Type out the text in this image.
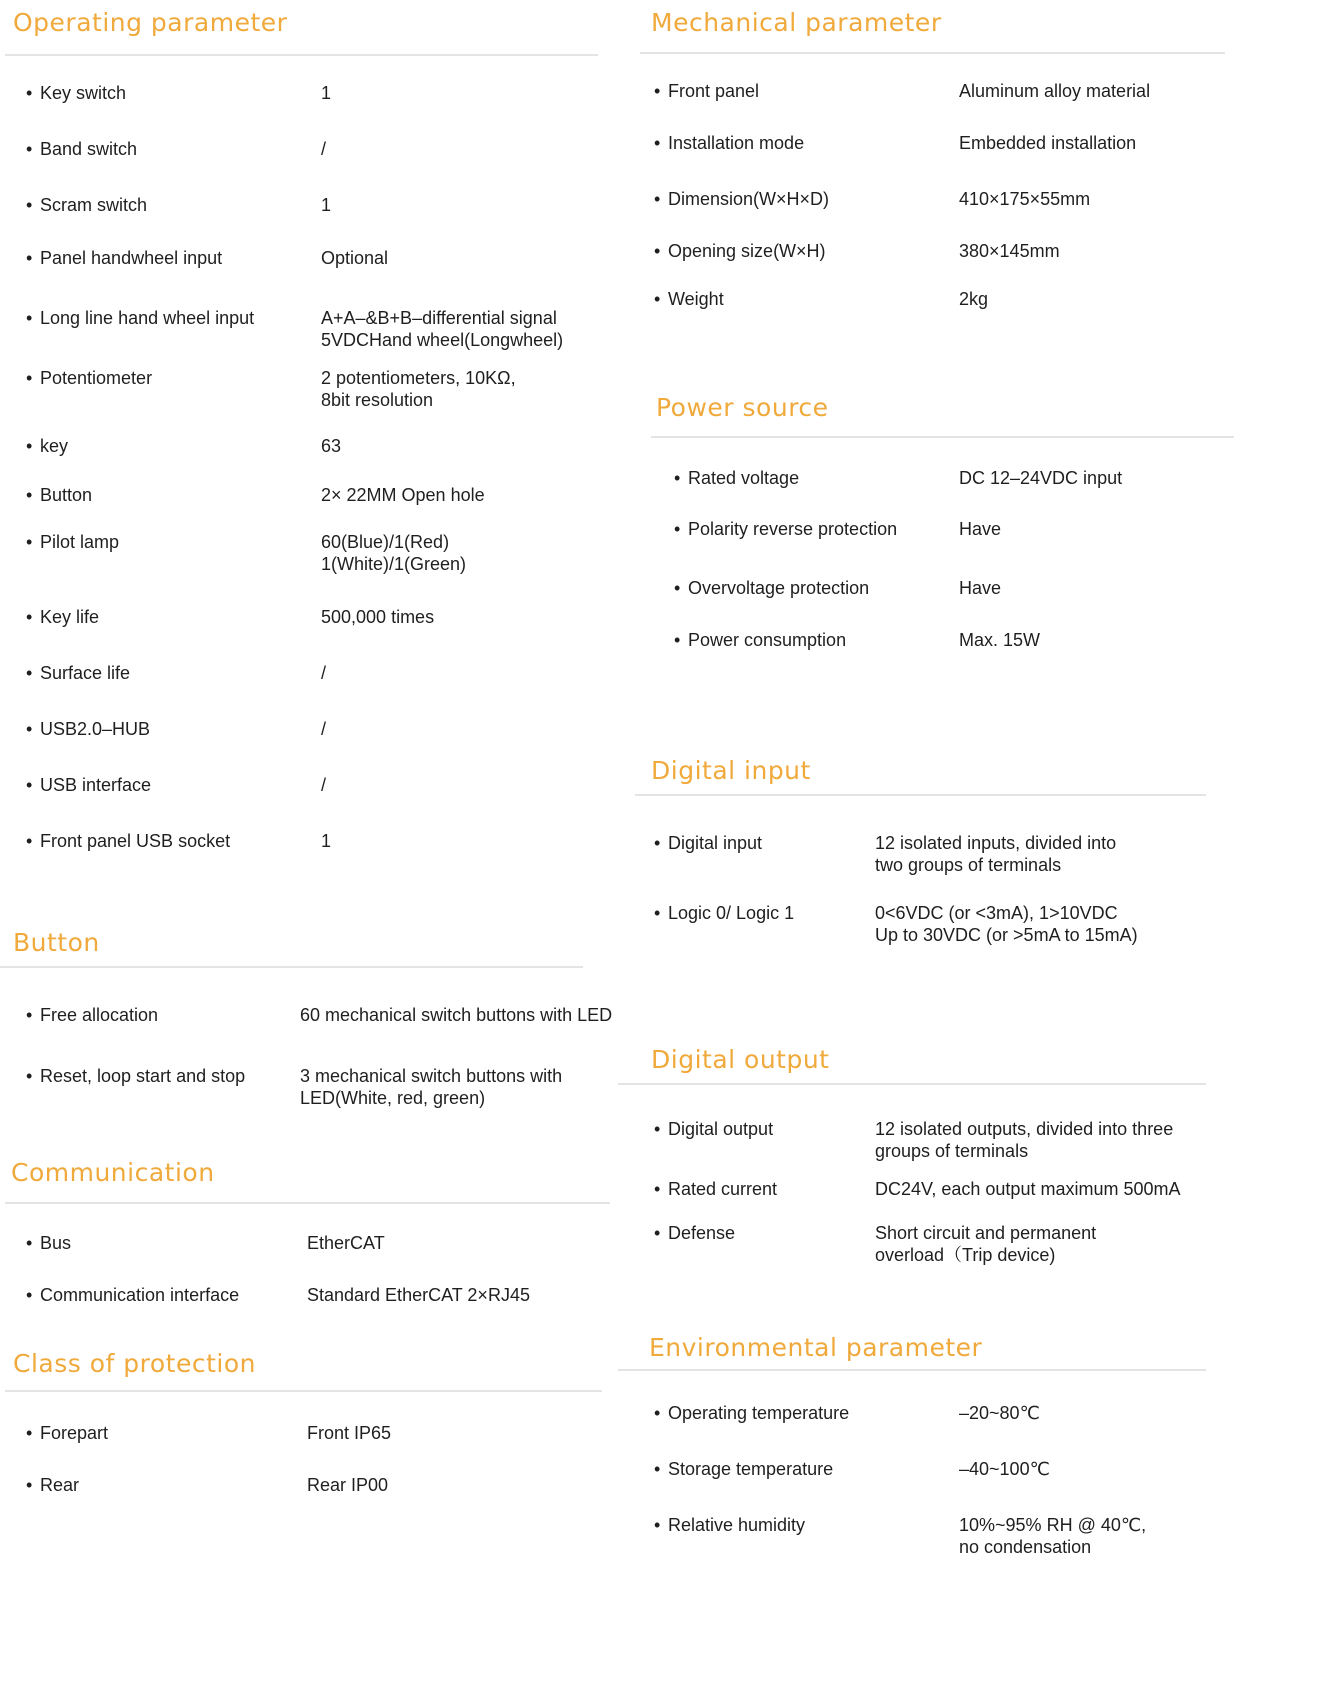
Operating parameter
• Key switch	1
• Band switch	/
• Scram switch	1
• Panel handwheel input	Optional
• Long line hand wheel input	A+A–&B+B–differential signal
5VDCHand wheel(Longwheel)
• Potentiometer	2 potentiometers, 10KΩ,
8bit resolution
• key	63
• Button	2× 22MM Open hole
• Pilot lamp	60(Blue)/1(Red)
1(White)/1(Green)
• Key life	500,000 times
• Surface life	/
• USB2.0–HUB	/
• USB interface	/
• Front panel USB socket	1
Button
• Free allocation	60 mechanical switch buttons with LED
• Reset, loop start and stop	3 mechanical switch buttons with
LED(White, red, green)
Communication
• Bus	EtherCAT
• Communication interface	Standard EtherCAT 2×RJ45
Class of protection
• Forepart	Front IP65
• Rear	Rear IP00
Mechanical parameter
• Front panel	Aluminum alloy material
• Installation mode	Embedded installation
• Dimension(W×H×D)	410×175×55mm
• Opening size(W×H)	380×145mm
• Weight	2kg
Power source
• Rated voltage	DC 12–24VDC input
• Polarity reverse protection	Have
• Overvoltage protection	Have
• Power consumption	Max. 15W
Digital input
• Digital input	12 isolated inputs, divided into
two groups of terminals
• Logic 0/ Logic 1	0<6VDC (or <3mA), 1>10VDC
Up to 30VDC (or >5mA to 15mA)
Digital output
• Digital output	12 isolated outputs, divided into three
groups of terminals
• Rated current	DC24V, each output maximum 500mA
• Defense	Short circuit and permanent
overload（Trip device)
Environmental parameter
• Operating temperature	–20~80℃
• Storage temperature	–40~100℃
• Relative humidity	10%~95% RH @ 40℃,
no condensation
